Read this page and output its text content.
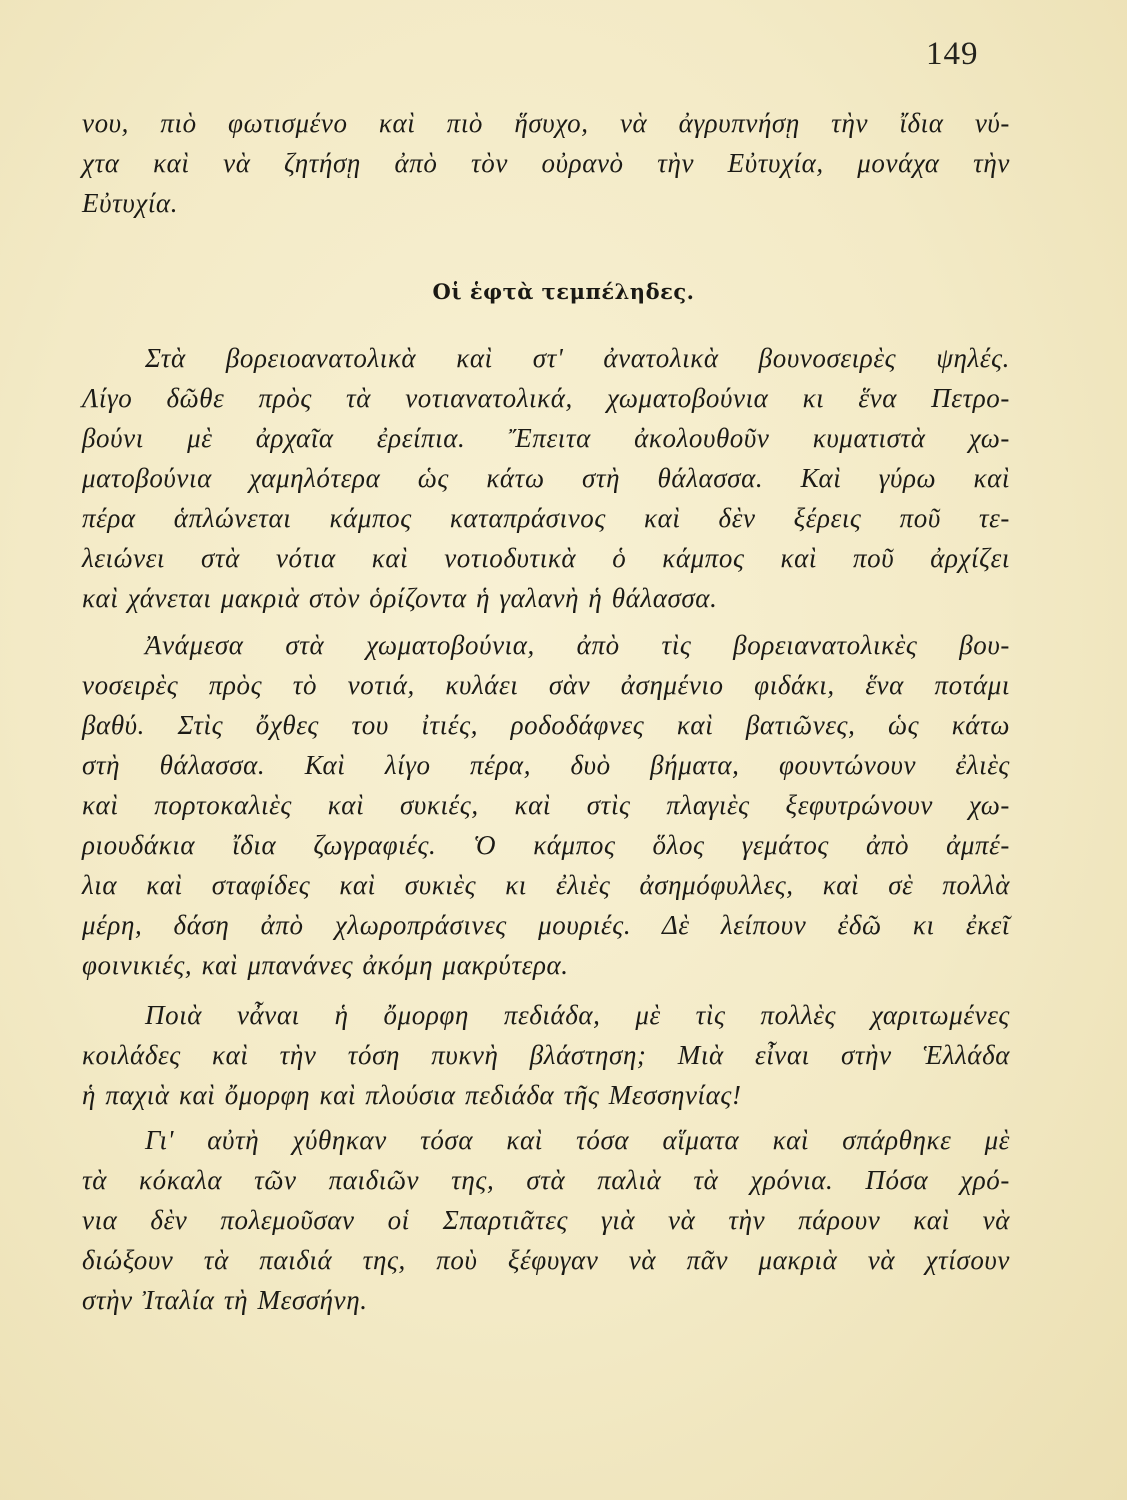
149
νου, πιὸ φωτισμένο καὶ πιὸ ἥσυχο, νὰ ἀγρυπνήσῃ τὴν ἴδια νύ-
χτα καὶ νὰ ζητήσῃ ἀπὸ τὸν οὐρανὸ τὴν Εὐτυχία, μονάχα τὴν
Εὐτυχία.
Οἱ ἑφτὰ τεμπέληδες.
Στὰ βορειοανατολικὰ καὶ στ' ἀνατολικὰ βουνοσειρὲς ψηλές.
Λίγο δῶθε πρὸς τὰ νοτιανατολικά, χωματοβούνια κι ἕνα Πετρο-
βούνι μὲ ἀρχαῖα ἐρείπια. Ἔπειτα ἀκολουθοῦν κυματιστὰ χω-
ματοβούνια χαμηλότερα ὡς κάτω στὴ θάλασσα. Καὶ γύρω καὶ
πέρα ἁπλώνεται κάμπος καταπράσινος καὶ δὲν ξέρεις ποῦ τε-
λειώνει στὰ νότια καὶ νοτιοδυτικὰ ὁ κάμπος καὶ ποῦ ἀρχίζει
καὶ χάνεται μακριὰ στὸν ὁρίζοντα ἡ γαλανὴ ἡ θάλασσα.
Ἀνάμεσα στὰ χωματοβούνια, ἀπὸ τὶς βορειανατολικὲς βου-
νοσειρὲς πρὸς τὸ νοτιά, κυλάει σὰν ἀσημένιο φιδάκι, ἕνα ποτάμι
βαθύ. Στὶς ὄχθες του ἰτιές, ροδοδάφνες καὶ βατιῶνες, ὡς κάτω
στὴ θάλασσα. Καὶ λίγο πέρα, δυὸ βήματα, φουντώνουν ἐλιὲς
καὶ πορτοκαλιὲς καὶ συκιές, καὶ στὶς πλαγιὲς ξεφυτρώνουν χω-
ριουδάκια ἴδια ζωγραφιές. Ὁ κάμπος ὅλος γεμάτος ἀπὸ ἀμπέ-
λια καὶ σταφίδες καὶ συκιὲς κι ἐλιὲς ἀσημόφυλλες, καὶ σὲ πολλὰ
μέρη, δάση ἀπὸ χλωροπράσινες μουριές. Δὲ λείπουν ἐδῶ κι ἐκεῖ
φοινικιές, καὶ μπανάνες ἀκόμη μακρύτερα.
Ποιὰ νἆναι ἡ ὄμορφη πεδιάδα, μὲ τὶς πολλὲς χαριτωμένες
κοιλάδες καὶ τὴν τόση πυκνὴ βλάστηση; Μιὰ εἶναι στὴν Ἑλλάδα
ἡ παχιὰ καὶ ὄμορφη καὶ πλούσια πεδιάδα τῆς Μεσσηνίας!
Γι' αὐτὴ χύθηκαν τόσα καὶ τόσα αἵματα καὶ σπάρθηκε μὲ
τὰ κόκαλα τῶν παιδιῶν της, στὰ παλιὰ τὰ χρόνια. Πόσα χρό-
νια δὲν πολεμοῦσαν οἱ Σπαρτιᾶτες γιὰ νὰ τὴν πάρουν καὶ νὰ
διώξουν τὰ παιδιά της, ποὺ ξέφυγαν νὰ πᾶν μακριὰ νὰ χτίσουν
στὴν Ἰταλία τὴ Μεσσήνη.
